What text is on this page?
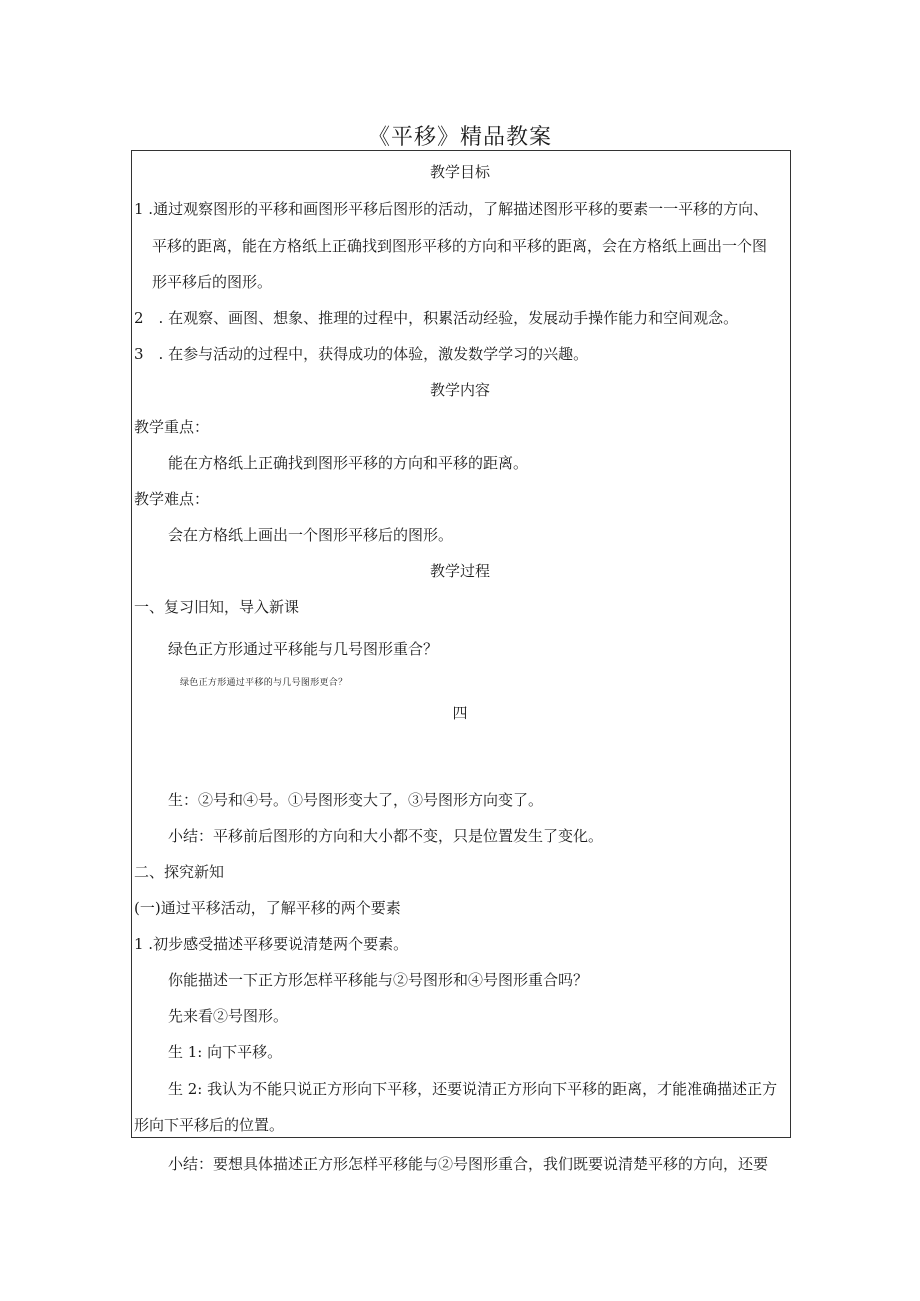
《平移》精品教案
教学目标
1 .通过观察图形的平移和画图形平移后图形的活动，了解描述图形平移的要素一一平移的方向、
平移的距离，能在方格纸上正确找到图形平移的方向和平移的距离，会在方格纸上画出一个图
形平移后的图形。
2　. 在观察、画图、想象、推理的过程中，积累活动经验，发展动手操作能力和空间观念。
3　. 在参与活动的过程中，获得成功的体验，激发数学学习的兴趣。
教学内容
教学重点：
能在方格纸上正确找到图形平移的方向和平移的距离。
教学难点：
会在方格纸上画出一个图形平移后的图形。
教学过程
一、复习旧知，导入新课
绿色正方形通过平移能与几号图形重合？
绿色正方形通过平移的与几号图形更合？
四
生：②号和④号。①号图形变大了，③号图形方向变了。
小结：平移前后图形的方向和大小都不变，只是位置发生了变化。
二、探究新知
(一)通过平移活动，了解平移的两个要素
1 .初步感受描述平移要说清楚两个要素。
你能描述一下正方形怎样平移能与②号图形和④号图形重合吗？
先来看②号图形。
生 1: 向下平移。
生 2: 我认为不能只说正方形向下平移，还要说清正方形向下平移的距离，才能准确描述正方
形向下平移后的位置。
小结：要想具体描述正方形怎样平移能与②号图形重合，我们既要说清楚平移的方向，还要
